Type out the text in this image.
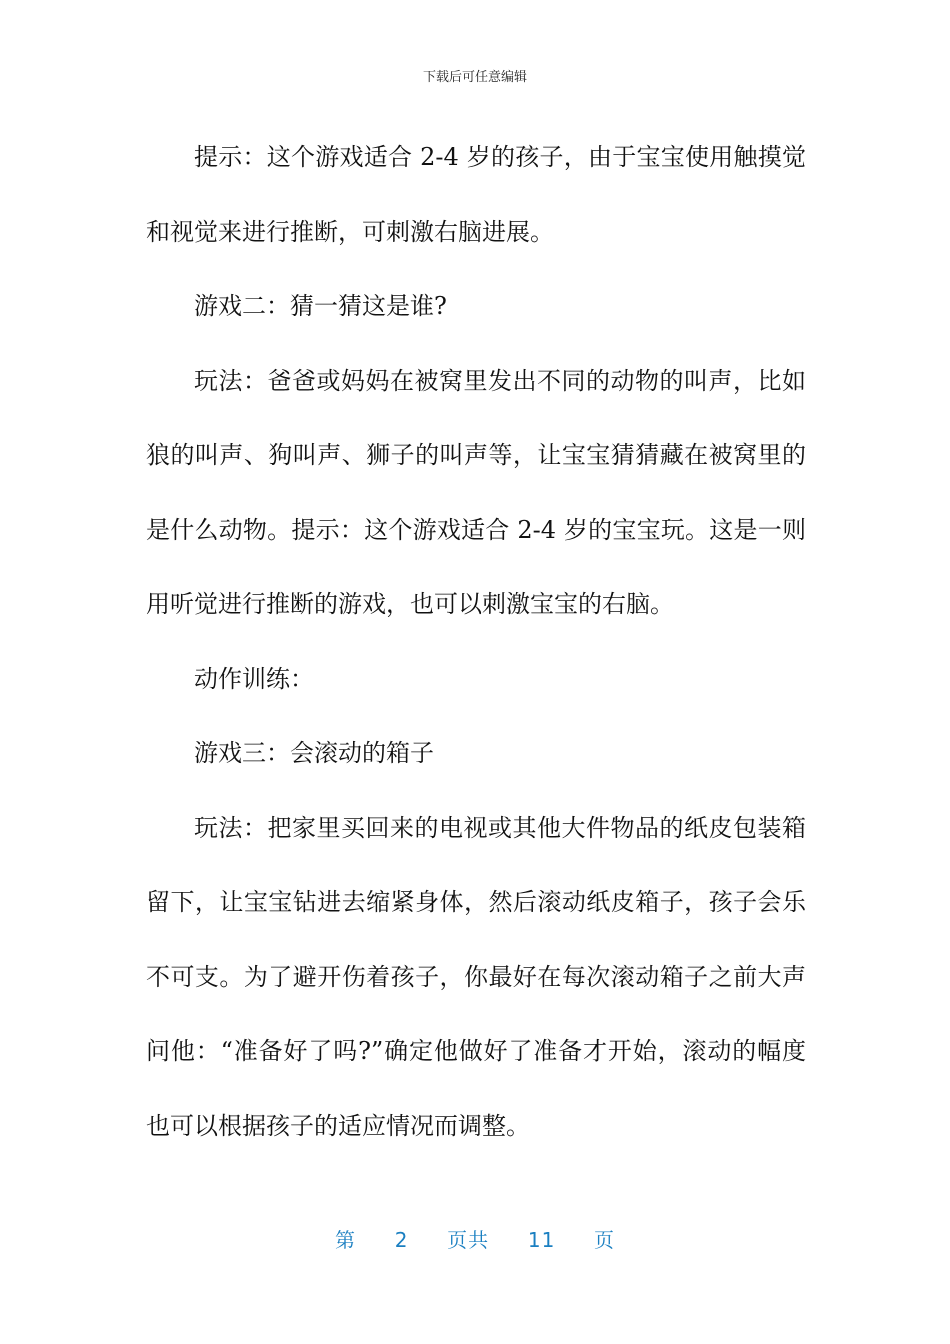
下载后可任意编辑

提示：这个游戏适合 2-4 岁的孩子，由于宝宝使用触摸觉和视觉来进行推断，可刺激右脑进展。

游戏二：猜一猜这是谁?

玩法：爸爸或妈妈在被窝里发出不同的动物的叫声，比如狼的叫声、狗叫声、狮子的叫声等，让宝宝猜猜藏在被窝里的是什么动物。提示：这个游戏适合 2-4 岁的宝宝玩。这是一则用听觉进行推断的游戏，也可以刺激宝宝的右脑。

动作训练：

游戏三：会滚动的箱子

玩法：把家里买回来的电视或其他大件物品的纸皮包装箱留下，让宝宝钻进去缩紧身体，然后滚动纸皮箱子，孩子会乐不可支。为了避开伤着孩子，你最好在每次滚动箱子之前大声问他：“准备好了吗?”确定他做好了准备才开始，滚动的幅度也可以根据孩子的适应情况而调整。

第 2 页共 11 页
